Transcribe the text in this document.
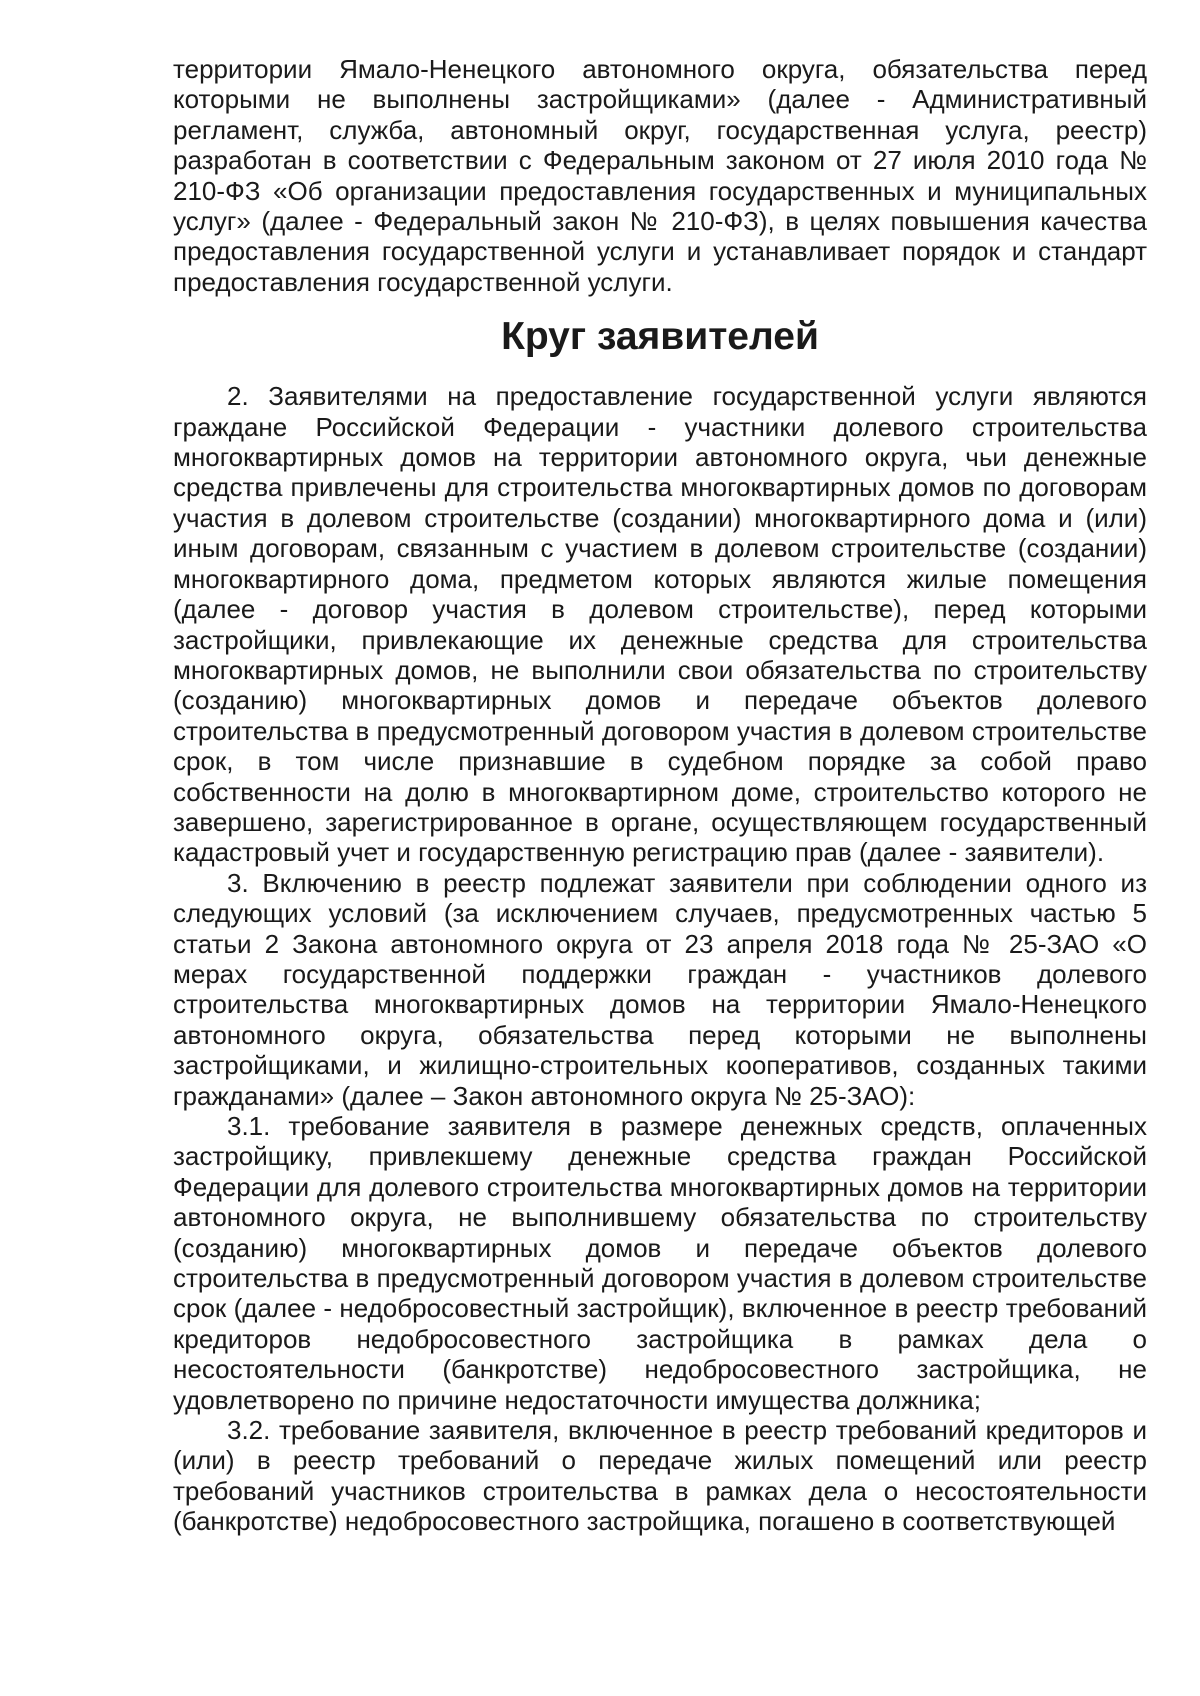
территории Ямало-Ненецкого автономного округа, обязательства перед которыми не выполнены застройщиками» (далее - Административный регламент, служба, автономный округ, государственная услуга, реестр) разработан в соответствии с Федеральным законом от 27 июля 2010 года № 210-ФЗ «Об организации предоставления государственных и муниципальных услуг» (далее - Федеральный закон № 210-ФЗ), в целях повышения качества предоставления государственной услуги и устанавливает порядок и стандарт предоставления государственной услуги.

Круг заявителей

2. Заявителями на предоставление государственной услуги являются граждане Российской Федерации - участники долевого строительства многоквартирных домов на территории автономного округа, чьи денежные средства привлечены для строительства многоквартирных домов по договорам участия в долевом строительстве (создании) многоквартирного дома и (или) иным договорам, связанным с участием в долевом строительстве (создании) многоквартирного дома, предметом которых являются жилые помещения (далее - договор участия в долевом строительстве), перед которыми застройщики, привлекающие их денежные средства для строительства многоквартирных домов, не выполнили свои обязательства по строительству (созданию) многоквартирных домов и передаче объектов долевого строительства в предусмотренный договором участия в долевом строительстве срок, в том числе признавшие в судебном порядке за собой право собственности на долю в многоквартирном доме, строительство которого не завершено, зарегистрированное в органе, осуществляющем государственный кадастровый учет и государственную регистрацию прав (далее - заявители).

3. Включению в реестр подлежат заявители при соблюдении одного из следующих условий (за исключением случаев, предусмотренных частью 5 статьи 2 Закона автономного округа от 23 апреля 2018 года № 25-ЗАО «О мерах государственной поддержки граждан - участников долевого строительства многоквартирных домов на территории Ямало-Ненецкого автономного округа, обязательства перед которыми не выполнены застройщиками, и жилищно-строительных кооперативов, созданных такими гражданами» (далее – Закон автономного округа № 25-ЗАО):

3.1. требование заявителя в размере денежных средств, оплаченных застройщику, привлекшему денежные средства граждан Российской Федерации для долевого строительства многоквартирных домов на территории автономного округа, не выполнившему обязательства по строительству (созданию) многоквартирных домов и передаче объектов долевого строительства в предусмотренный договором участия в долевом строительстве срок (далее - недобросовестный застройщик), включенное в реестр требований кредиторов недобросовестного застройщика в рамках дела о несостоятельности (банкротстве) недобросовестного застройщика, не удовлетворено по причине недостаточности имущества должника;

3.2. требование заявителя, включенное в реестр требований кредиторов и (или) в реестр требований о передаче жилых помещений или реестр требований участников строительства в рамках дела о несостоятельности (банкротстве) недобросовестного застройщика, погашено в соответствующей
